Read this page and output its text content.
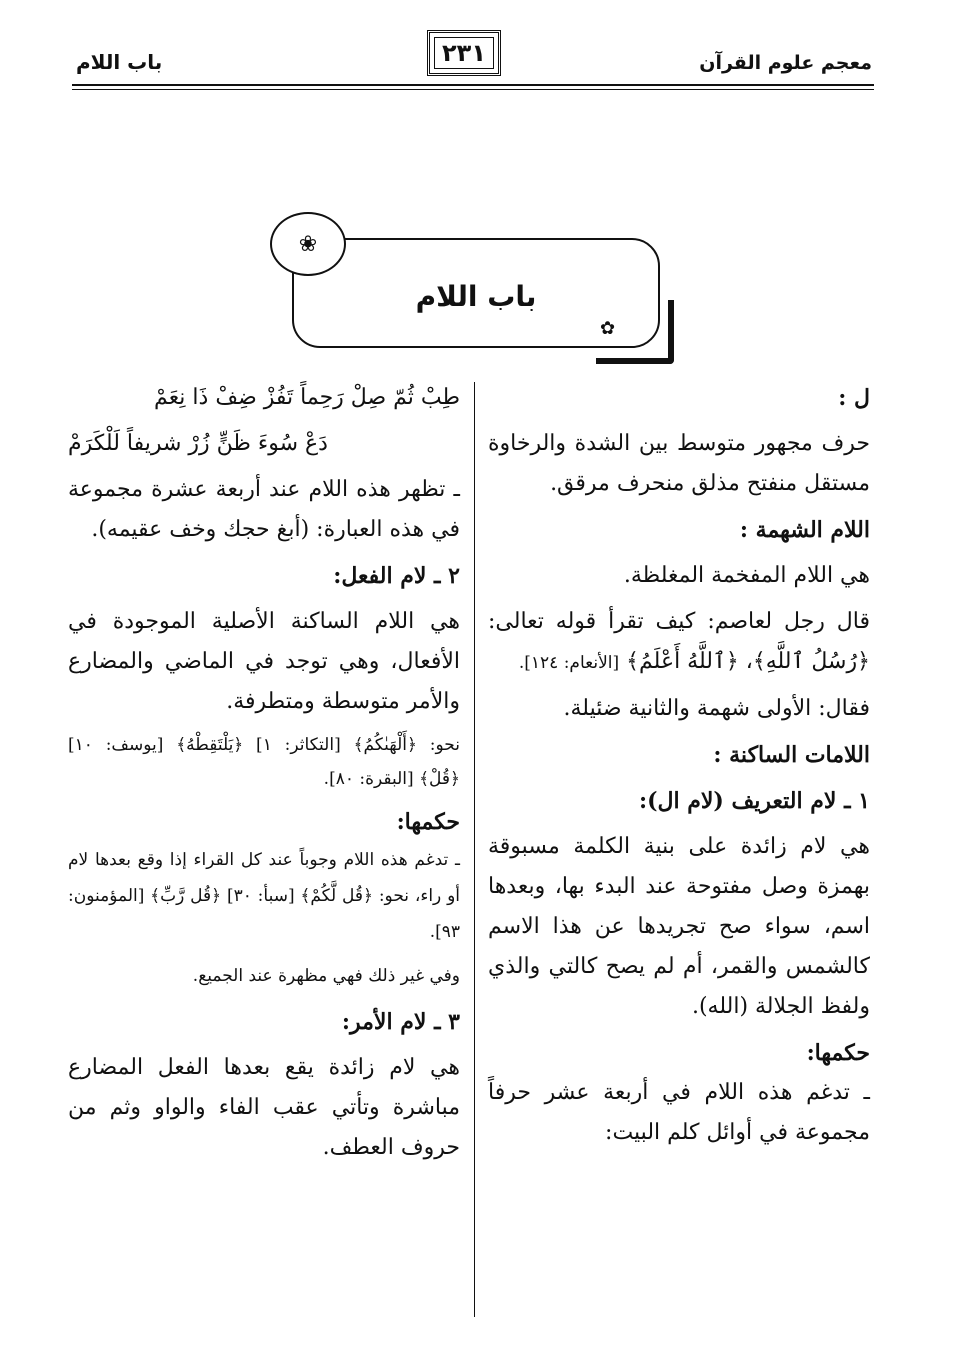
باب اللام	٢٣١	معجم علوم القرآن
باب اللام
❀
✿

ل :

حرف مجهور متوسط بين الشدة والرخاوة مستقل منفتح مذلق منحرف مرقق.

اللام الشهمة :

هي اللام المفخمة المغلظة.

قال رجل لعاصم: كيف تقرأ قوله تعالى: ﴿رُسُلُ ٱللَّهِ﴾، ﴿ٱللَّهُ أَعْلَمُ﴾ [الأنعام: ١٢٤].

فقال: الأولى شهمة والثانية ضئيلة.

اللامات الساكنة :

١ ـ لام التعريف (لام ال):

هي لام زائدة على بنية الكلمة مسبوقة بهمزة وصل مفتوحة عند البدء بها، وبعدها اسم، سواء صح تجريدها عن هذا الاسم كالشمس والقمر، أم لم يصح كالتي والذي ولفظ الجلالة (الله).

حكمها:

ـ تدغم هذه اللام في أربعة عشر حرفاً مجموعة في أوائل كلم البيت:

طِبْ ثُمّ صِلْ رَحِماً تَفُزْ ضِفْ ذَا نِعَمْ

دَعْ سُوءَ ظَنٍّ زُرْ شريفاً لَلْكَرَمْ

ـ تظهر هذه اللام عند أربعة عشرة مجموعة في هذه العبارة: (أبغ حجك وخف عقيمه).

٢ ـ لام الفعل:

هي اللام الساكنة الأصلية الموجودة في الأفعال، وهي توجد في الماضي والمضارع والأمر متوسطة ومتطرفة.

نحو: ﴿أَلْهَىٰكُمُ﴾ [التكاثر: ١] ﴿يَلْتَقِطْهُ﴾ [يوسف: ١٠] ﴿قُلْ﴾ [البقرة: ٨٠].

حكمها:

ـ تدغم هذه اللام وجوباً عند كل القراء إذا وقع بعدها لام أو راء، نحو: ﴿قُل لَّكُمْ﴾ [سبأ: ٣٠] ﴿قُل رَّبِّ﴾ [المؤمنون: ٩٣].

وفي غير ذلك فهي مظهرة عند الجميع.

٣ ـ لام الأمر:

هي لام زائدة يقع بعدها الفعل المضارع مباشرة وتأتي عقب الفاء والواو وثم من حروف العطف.
